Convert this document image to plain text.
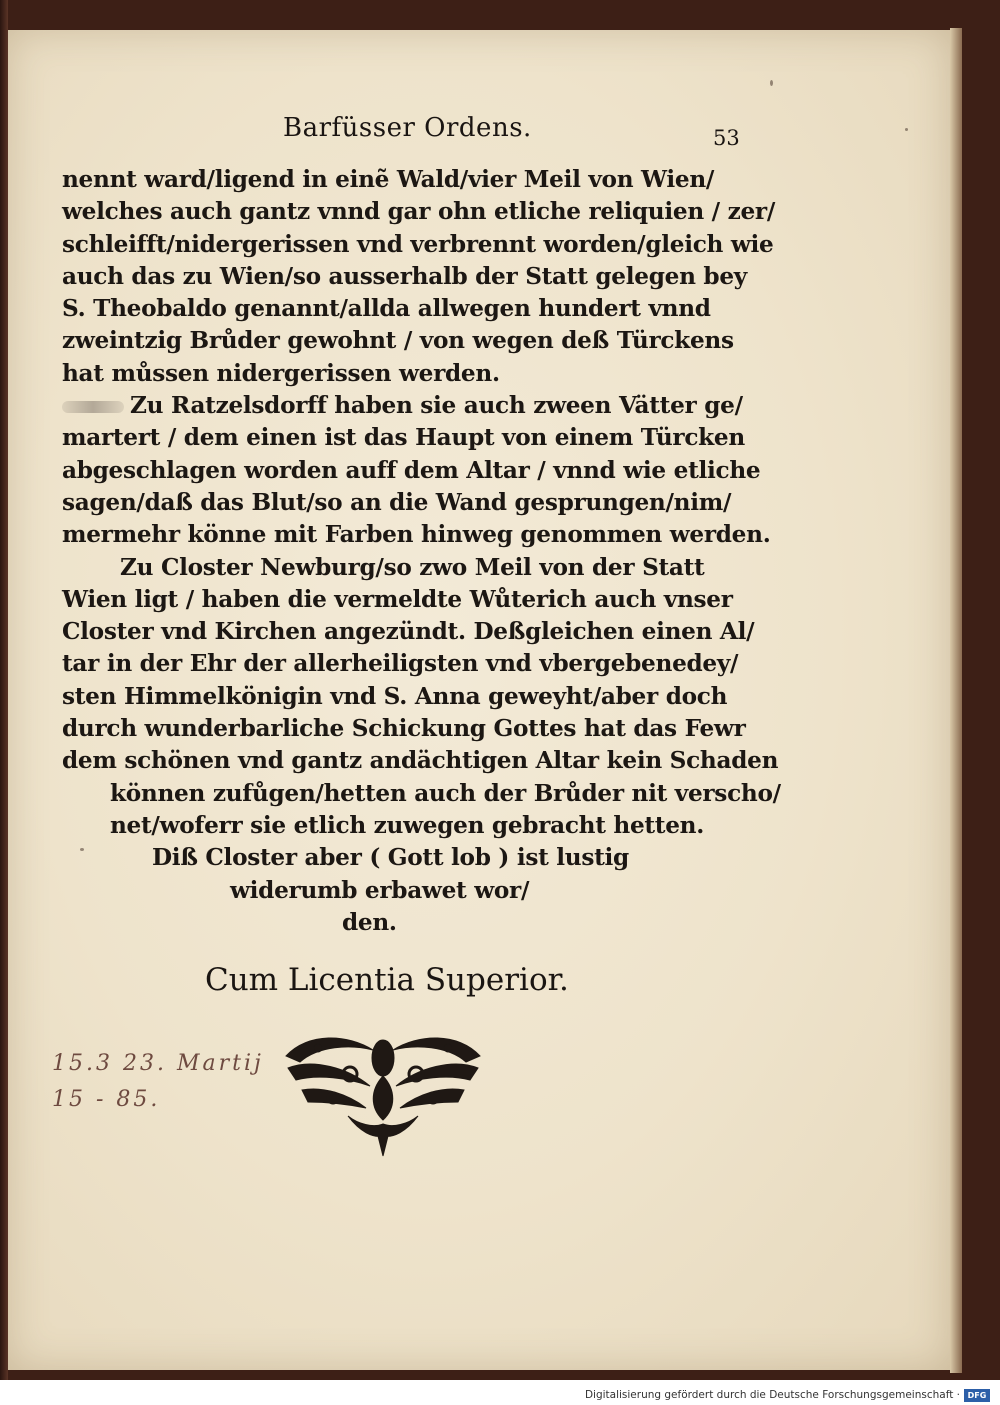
Barfüsser Ordens.	53
nennt ward/ligend in einẽ Wald/vier Meil von Wien/
welches auch gantz vnnd gar ohn etliche reliquien / zer/
schleifft/nidergerissen vnd verbrennt worden/gleich wie
auch das zu Wien/so ausserhalb der Statt gelegen bey
S. Theobaldo genannt/allda allwegen hundert vnnd
zweintzig Brůder gewohnt / von wegen deß Türckens
hat můssen nidergerissen werden.
Zu Ratzelsdorff haben sie auch zween Vätter ge/
martert / dem einen ist das Haupt von einem Türcken
abgeschlagen worden auff dem Altar / vnnd wie etliche
sagen/daß das Blut/so an die Wand gesprungen/nim/
mermehr könne mit Farben hinweg genommen werden.
Zu Closter Newburg/so zwo Meil von der Statt
Wien ligt / haben die vermeldte Wůterich auch vnser
Closter vnd Kirchen angezündt. Deßgleichen einen Al/
tar in der Ehr der allerheiligsten vnd vbergebenedey/
sten Himmelkönigin vnd S. Anna geweyht/aber doch
durch wunderbarliche Schickung Gottes hat das Fewr
dem schönen vnd gantz andächtigen Altar kein Schaden
können zufůgen/hetten auch der Brůder nit verscho/
net/woferr sie etlich zuwegen gebracht hetten.
Diß Closter aber ( Gott lob ) ist lustig
widerumb erbawet wor/
den.
Cum Licentia Superior.
15.3 23. Martij
15 - 85.
Digitalisierung gefördert durch die Deutsche Forschungsgemeinschaft · DFG
